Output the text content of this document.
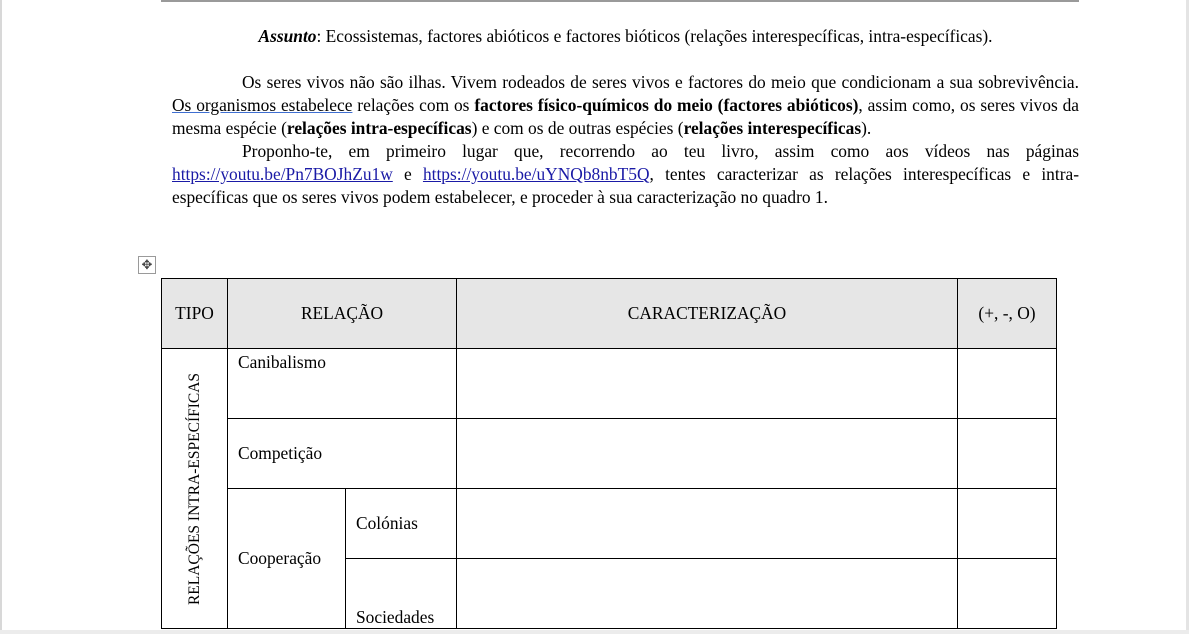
Assunto: Ecossistemas, factores abióticos e factores bióticos (relações interespecíficas, intra-específicas).

Os seres vivos não são ilhas. Vivem rodeados de seres vivos e factores do meio que condicionam a sua sobrevivência. Os organismos estabelece relações com os factores físico-químicos do meio (factores abióticos), assim como, os seres vivos da mesma espécie (relações intra-específicas) e com os de outras espécies (relações interespecíficas).

Proponho-te, em primeiro lugar que, recorrendo ao teu livro, assim como aos vídeos nas páginas https://youtu.be/Pn7BOJhZu1w e https://youtu.be/uYNQb8nbT5Q, tentes caracterizar as relações interespecíficas e intra-específicas que os seres vivos podem estabelecer, e proceder à sua caracterização no quadro 1.

✥
TIPO	RELAÇÃO		CARACTERIZAÇÃO	(+, -, O)

RELAÇÕES INTRA-ESPECÍFICAS	Canibalismo			
	Competição			
	Cooperação	Colónias		
		Sociedades		
